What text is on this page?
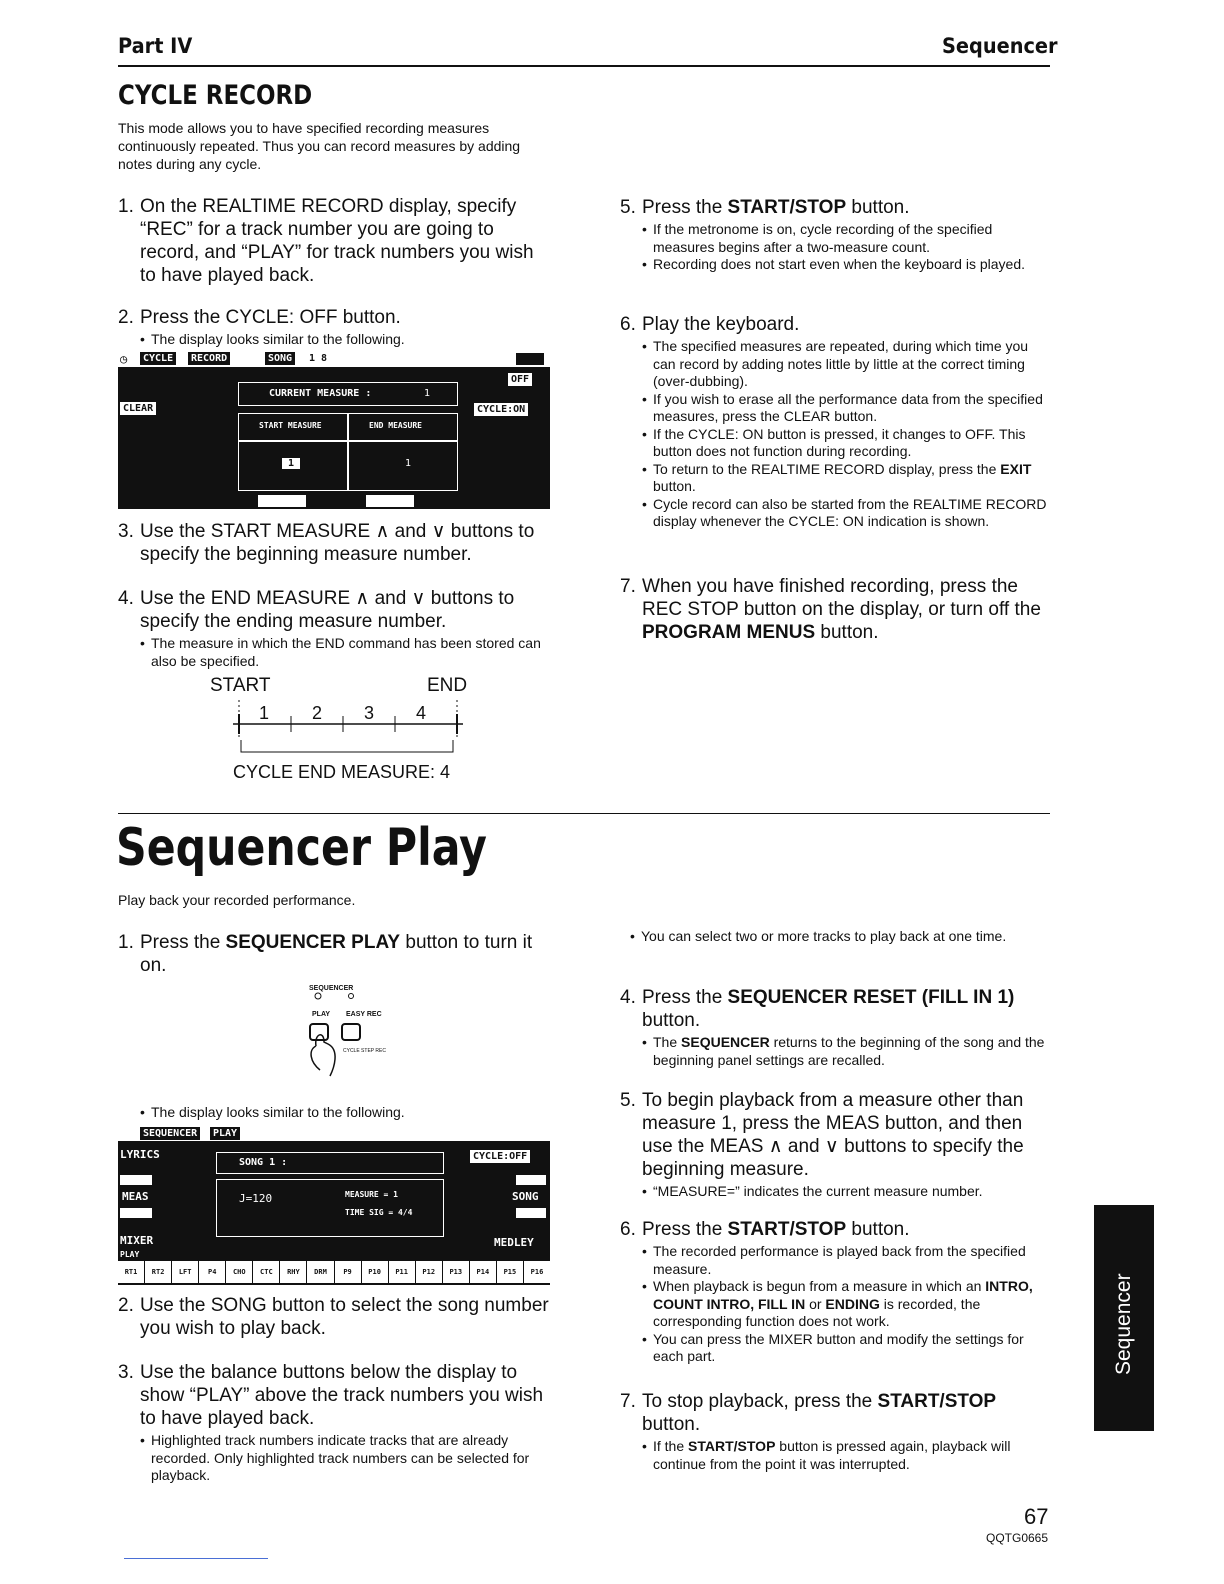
Part IV	Sequencer
CYCLE RECORD
This mode allows you to have specified recording measures continuously repeated. Thus you can record measures by adding notes during any cycle.
1. On the REALTIME RECORD display, specify “REC” for a track number you are going to record, and “PLAY” for track numbers you wish to have played back.
2. Press the CYCLE: OFF button.
• The display looks similar to the following.
◷	CYCLE	RECORD	SONG	1 8
OFF
CLEAR	CYCLE:ON
CURRENT MEASURE :	1
START MEASURE	END MEASURE
1	1
3. Use the START MEASURE ∧ and ∨ buttons to specify the beginning measure number.
4. Use the END MEASURE ∧ and ∨ buttons to specify the ending measure number.
• The measure in which the END command has been stored can also be specified.
START	END
1 2 3 4
CYCLE END MEASURE: 4
5. Press the START/STOP button.
• If the metronome is on, cycle recording of the specified measures begins after a two-measure count.
• Recording does not start even when the keyboard is played.
6. Play the keyboard.
• The specified measures are repeated, during which time you can record by adding notes little by little at the correct timing (over-dubbing).
• If you wish to erase all the performance data from the specified measures, press the CLEAR button.
• If the CYCLE: ON button is pressed, it changes to OFF. This button does not function during recording.
• To return to the REALTIME RECORD display, press the EXIT button.
• Cycle record can also be started from the REALTIME RECORD display whenever the CYCLE: ON indication is shown.
7. When you have finished recording, press the REC STOP button on the display, or turn off the PROGRAM MENUS button.
Sequencer Play
Play back your recorded performance.
1. Press the SEQUENCER PLAY button to turn it on.
SEQUENCER
PLAY EASY REC
CYCLE STEP REC
• The display looks similar to the following.
SEQUENCER	PLAY
LYRICS
MEAS
MIXER
PLAY
SONG 1 :
J=120	MEASURE = 1
TIME SIG = 4/4
CYCLE:OFF
SONG
MEDLEY
RT1	RT2	LFT	P4	CHO	CTC	RHY	DRM	P9	P10	P11	P12	P13	P14	P15	P16
2. Use the SONG button to select the song number you wish to play back.
3. Use the balance buttons below the display to show “PLAY” above the track numbers you wish to have played back.
• Highlighted track numbers indicate tracks that are already recorded. Only highlighted track numbers can be selected for playback.
• You can select two or more tracks to play back at one time.
4. Press the SEQUENCER RESET (FILL IN 1) button.
• The SEQUENCER returns to the beginning of the song and the beginning panel settings are recalled.
5. To begin playback from a measure other than measure 1, press the MEAS button, and then use the MEAS ∧ and ∨ buttons to specify the beginning measure.
• “MEASURE=” indicates the current measure number.
6. Press the START/STOP button.
• The recorded performance is played back from the specified measure.
• When playback is begun from a measure in which an INTRO, COUNT INTRO, FILL IN or ENDING is recorded, the corresponding function does not work.
• You can press the MIXER button and modify the settings for each part.
7. To stop playback, press the START/STOP button.
• If the START/STOP button is pressed again, playback will continue from the point it was interrupted.
Sequencer
67
QQTG0665
